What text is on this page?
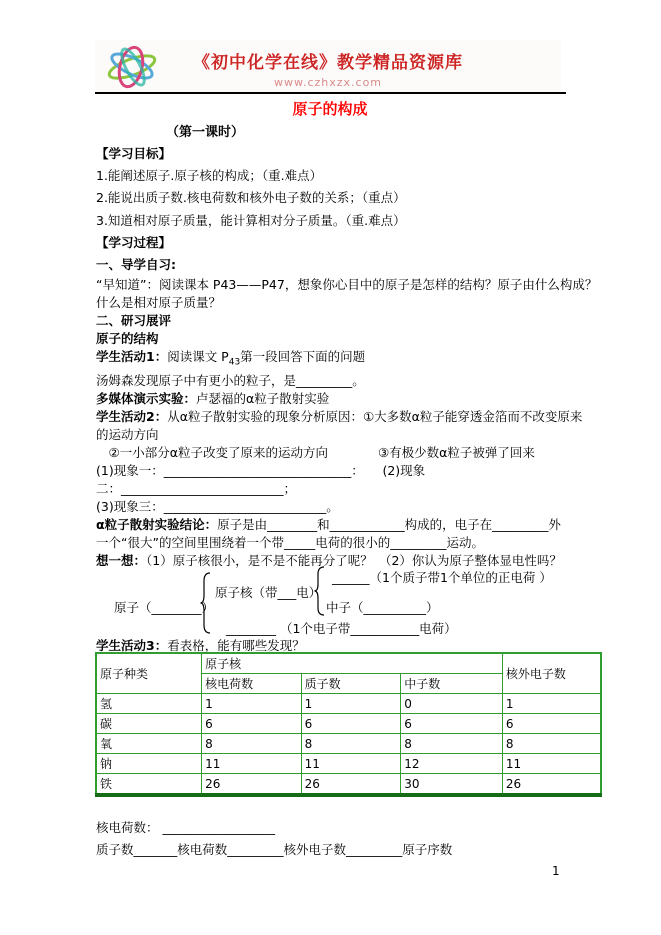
《初中化学在线》教学精品资源库
www.czhxzx.com
原子的构成
（第一课时）

【学习目标】

1.能阐述原子.原子核的构成；（重.难点）

2.能说出质子数.核电荷数和核外电子数的关系；（重点）

3.知道相对原子质量，能计算相对分子质量。（重.难点）

【学习过程】

一、导学自习:

“早知道”：阅读课本 P43——P47，想象你心目中的原子是怎样的结构？原子由什么构成？

什么是相对原子质量？

二、研习展评

原子的结构

学生活动1：阅读课文 $P_{43}$第一段回答下面的问题

汤姆森发现原子中有更小的粒子，是_________。

多媒体演示实验：卢瑟福的α粒子散射实验

学生活动2：从α粒子散射实验的现象分析原因：①大多数α粒子能穿透金箔而不改变原来

的运动方向

　②一小部分α粒子改变了原来的运动方向　　　　③有极少数α粒子被弹了回来

(1)现象一：______________________________：　　(2)现象

二：__________________________；

(3)现象三：__________________________。

α粒子散射实验结论：原子是由________和____________构成的，电子在_________外

一个“很大”的空间里围绕着一个带_____电荷的很小的_________运动。

想一想：（1）原子核很小，是不是不能再分了呢？　（2）你认为原子整体显电性吗？

原子（________）
原子核（带___电）
______（1个质子带1个单位的正电荷 ）
中子（__________）
________ （1个电子带___________电荷）
学生活动3：看表格，能有哪些发现？
原子种类	原子核			核外电子数
	核电荷数	质子数	中子数	
氢	1	1	0	1
碳	6	6	6	6
氧	8	8	8	8
钠	11	11	12	11
铁	26	26	30	26
核电荷数： __________________
质子数_______核电荷数_________核外电子数_________原子序数
1
